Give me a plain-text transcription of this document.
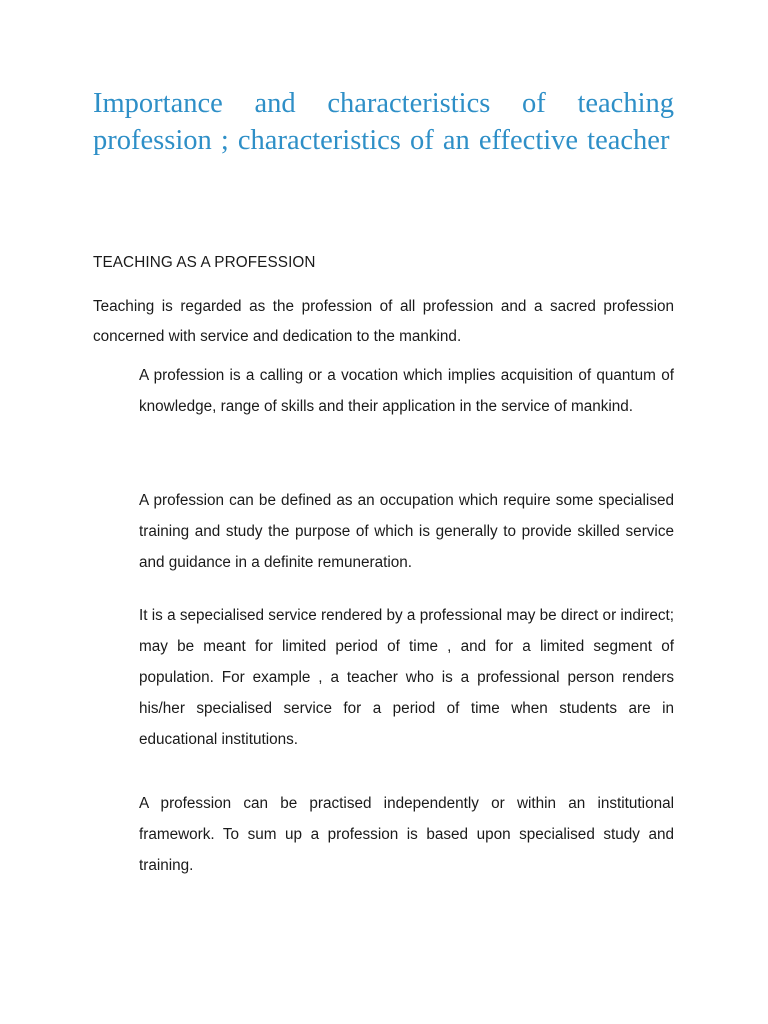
Importance and characteristics of teaching profession ; characteristics of an effective teacher

TEACHING AS A PROFESSION

Teaching is regarded as the profession of all profession and a sacred profession concerned with service and dedication to the mankind.

A profession is a calling or a vocation which implies acquisition of quantum of knowledge, range of skills and their application in the service of mankind.

A profession can be defined as an occupation which require some specialised training and study the purpose of which is generally to provide skilled service and guidance in a definite remuneration.

It is a sepecialised service rendered by a professional may be direct or indirect; may be meant for limited period of time , and for a limited segment of population. For example , a teacher who is a professional person renders his/her specialised service for a period of time when students are in educational institutions.

A profession can be practised independently or within an institutional framework. To sum up a profession is based upon specialised study and training.
